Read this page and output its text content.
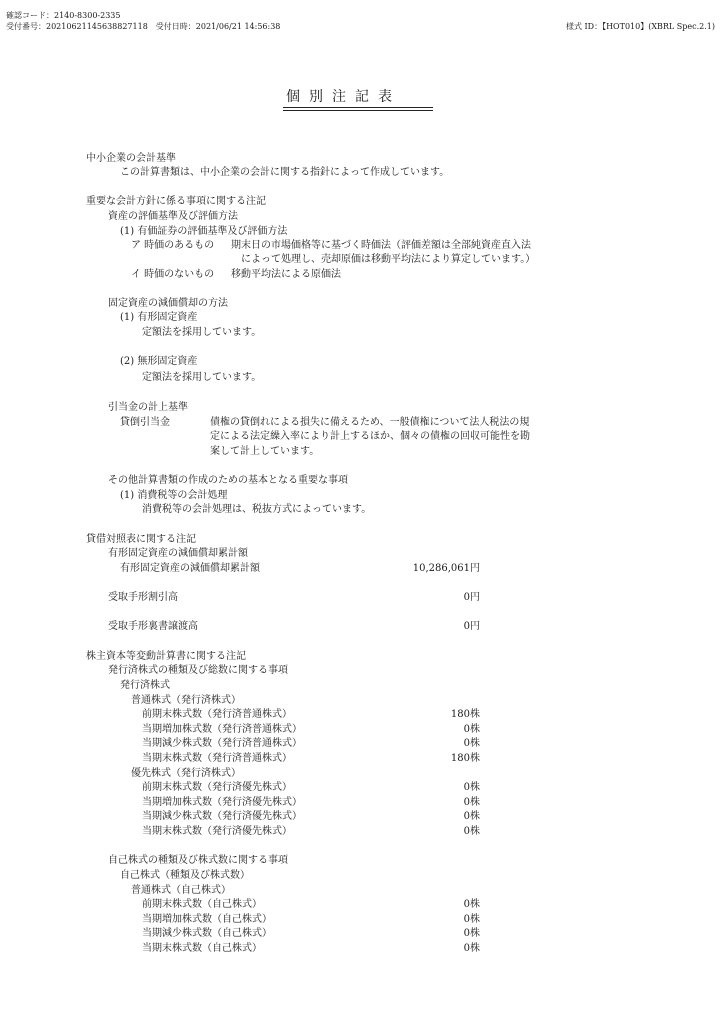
確認コード：2140-8300-2335
受付番号：20210621145638827118　受付日時：2021/06/21 14:56:38	様式 ID：【HOT010】(XBRL Spec.2.1)
個別注記表
中小企業の会計基準
この計算書類は、中小企業の会計に関する指針によって作成しています。
重要な会計方針に係る事項に関する注記
資産の評価基準及び評価方法
(1) 有価証券の評価基準及び評価方法
ア 時価のあるもの 期末日の市場価格等に基づく時価法（評価差額は全部純資産直入法
によって処理し、売却原価は移動平均法により算定しています。）
イ 時価のないもの 移動平均法による原価法
固定資産の減価償却の方法
(1) 有形固定資産
定額法を採用しています。
(2) 無形固定資産
定額法を採用しています。
引当金の計上基準
貸倒引当金	債権の貸倒れによる損失に備えるため、一般債権について法人税法の規
定による法定繰入率により計上するほか、個々の債権の回収可能性を勘
案して計上しています。
その他計算書類の作成のための基本となる重要な事項
(1) 消費税等の会計処理
消費税等の会計処理は、税抜方式によっています。
貸借対照表に関する注記
有形固定資産の減価償却累計額
有形固定資産の減価償却累計額	10,286,061円
受取手形割引高	0円
受取手形裏書譲渡高	0円
株主資本等変動計算書に関する注記
発行済株式の種類及び総数に関する事項
発行済株式
普通株式（発行済株式）
前期末株式数（発行済普通株式）	180株
当期増加株式数（発行済普通株式）	0株
当期減少株式数（発行済普通株式）	0株
当期末株式数（発行済普通株式）	180株
優先株式（発行済株式）
前期末株式数（発行済優先株式）	0株
当期増加株式数（発行済優先株式）	0株
当期減少株式数（発行済優先株式）	0株
当期末株式数（発行済優先株式）	0株
自己株式の種類及び株式数に関する事項
自己株式（種類及び株式数）
普通株式（自己株式）
前期末株式数（自己株式）	0株
当期増加株式数（自己株式）	0株
当期減少株式数（自己株式）	0株
当期末株式数（自己株式）	0株
